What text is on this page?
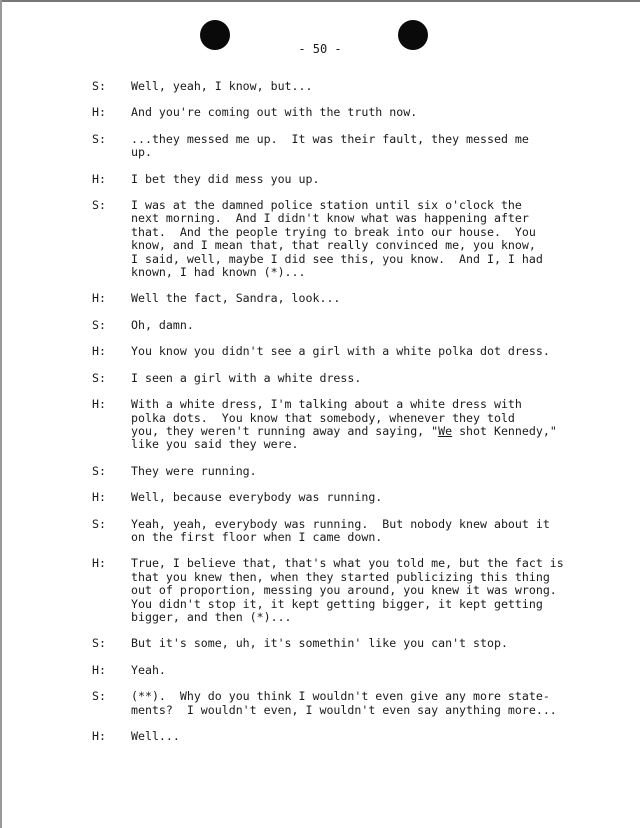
- 50 -
S:	Well, yeah, I know, but...
H:	And you're coming out with the truth now.
S:	...they messed me up.  It was their fault, they messed me
up.
H:	I bet they did mess you up.
S:	I was at the damned police station until six o'clock the
next morning.  And I didn't know what was happening after
that.  And the people trying to break into our house.  You
know, and I mean that, that really convinced me, you know,
I said, well, maybe I did see this, you know.  And I, I had
known, I had known (*)...
H:	Well the fact, Sandra, look...
S:	Oh, damn.
H:	You know you didn't see a girl with a white polka dot dress.
S:	I seen a girl with a white dress.
H:	With a white dress, I'm talking about a white dress with
polka dots.  You know that somebody, whenever they told
you, they weren't running away and saying, "We shot Kennedy,"
like you said they were.
S:	They were running.
H:	Well, because everybody was running.
S:	Yeah, yeah, everybody was running.  But nobody knew about it
on the first floor when I came down.
H:	True, I believe that, that's what you told me, but the fact is
that you knew then, when they started publicizing this thing
out of proportion, messing you around, you knew it was wrong.
You didn't stop it, it kept getting bigger, it kept getting
bigger, and then (*)...
S:	But it's some, uh, it's somethin' like you can't stop.
H:	Yeah.
S:	(**).  Why do you think I wouldn't even give any more state-
ments?  I wouldn't even, I wouldn't even say anything more...
H:	Well...
